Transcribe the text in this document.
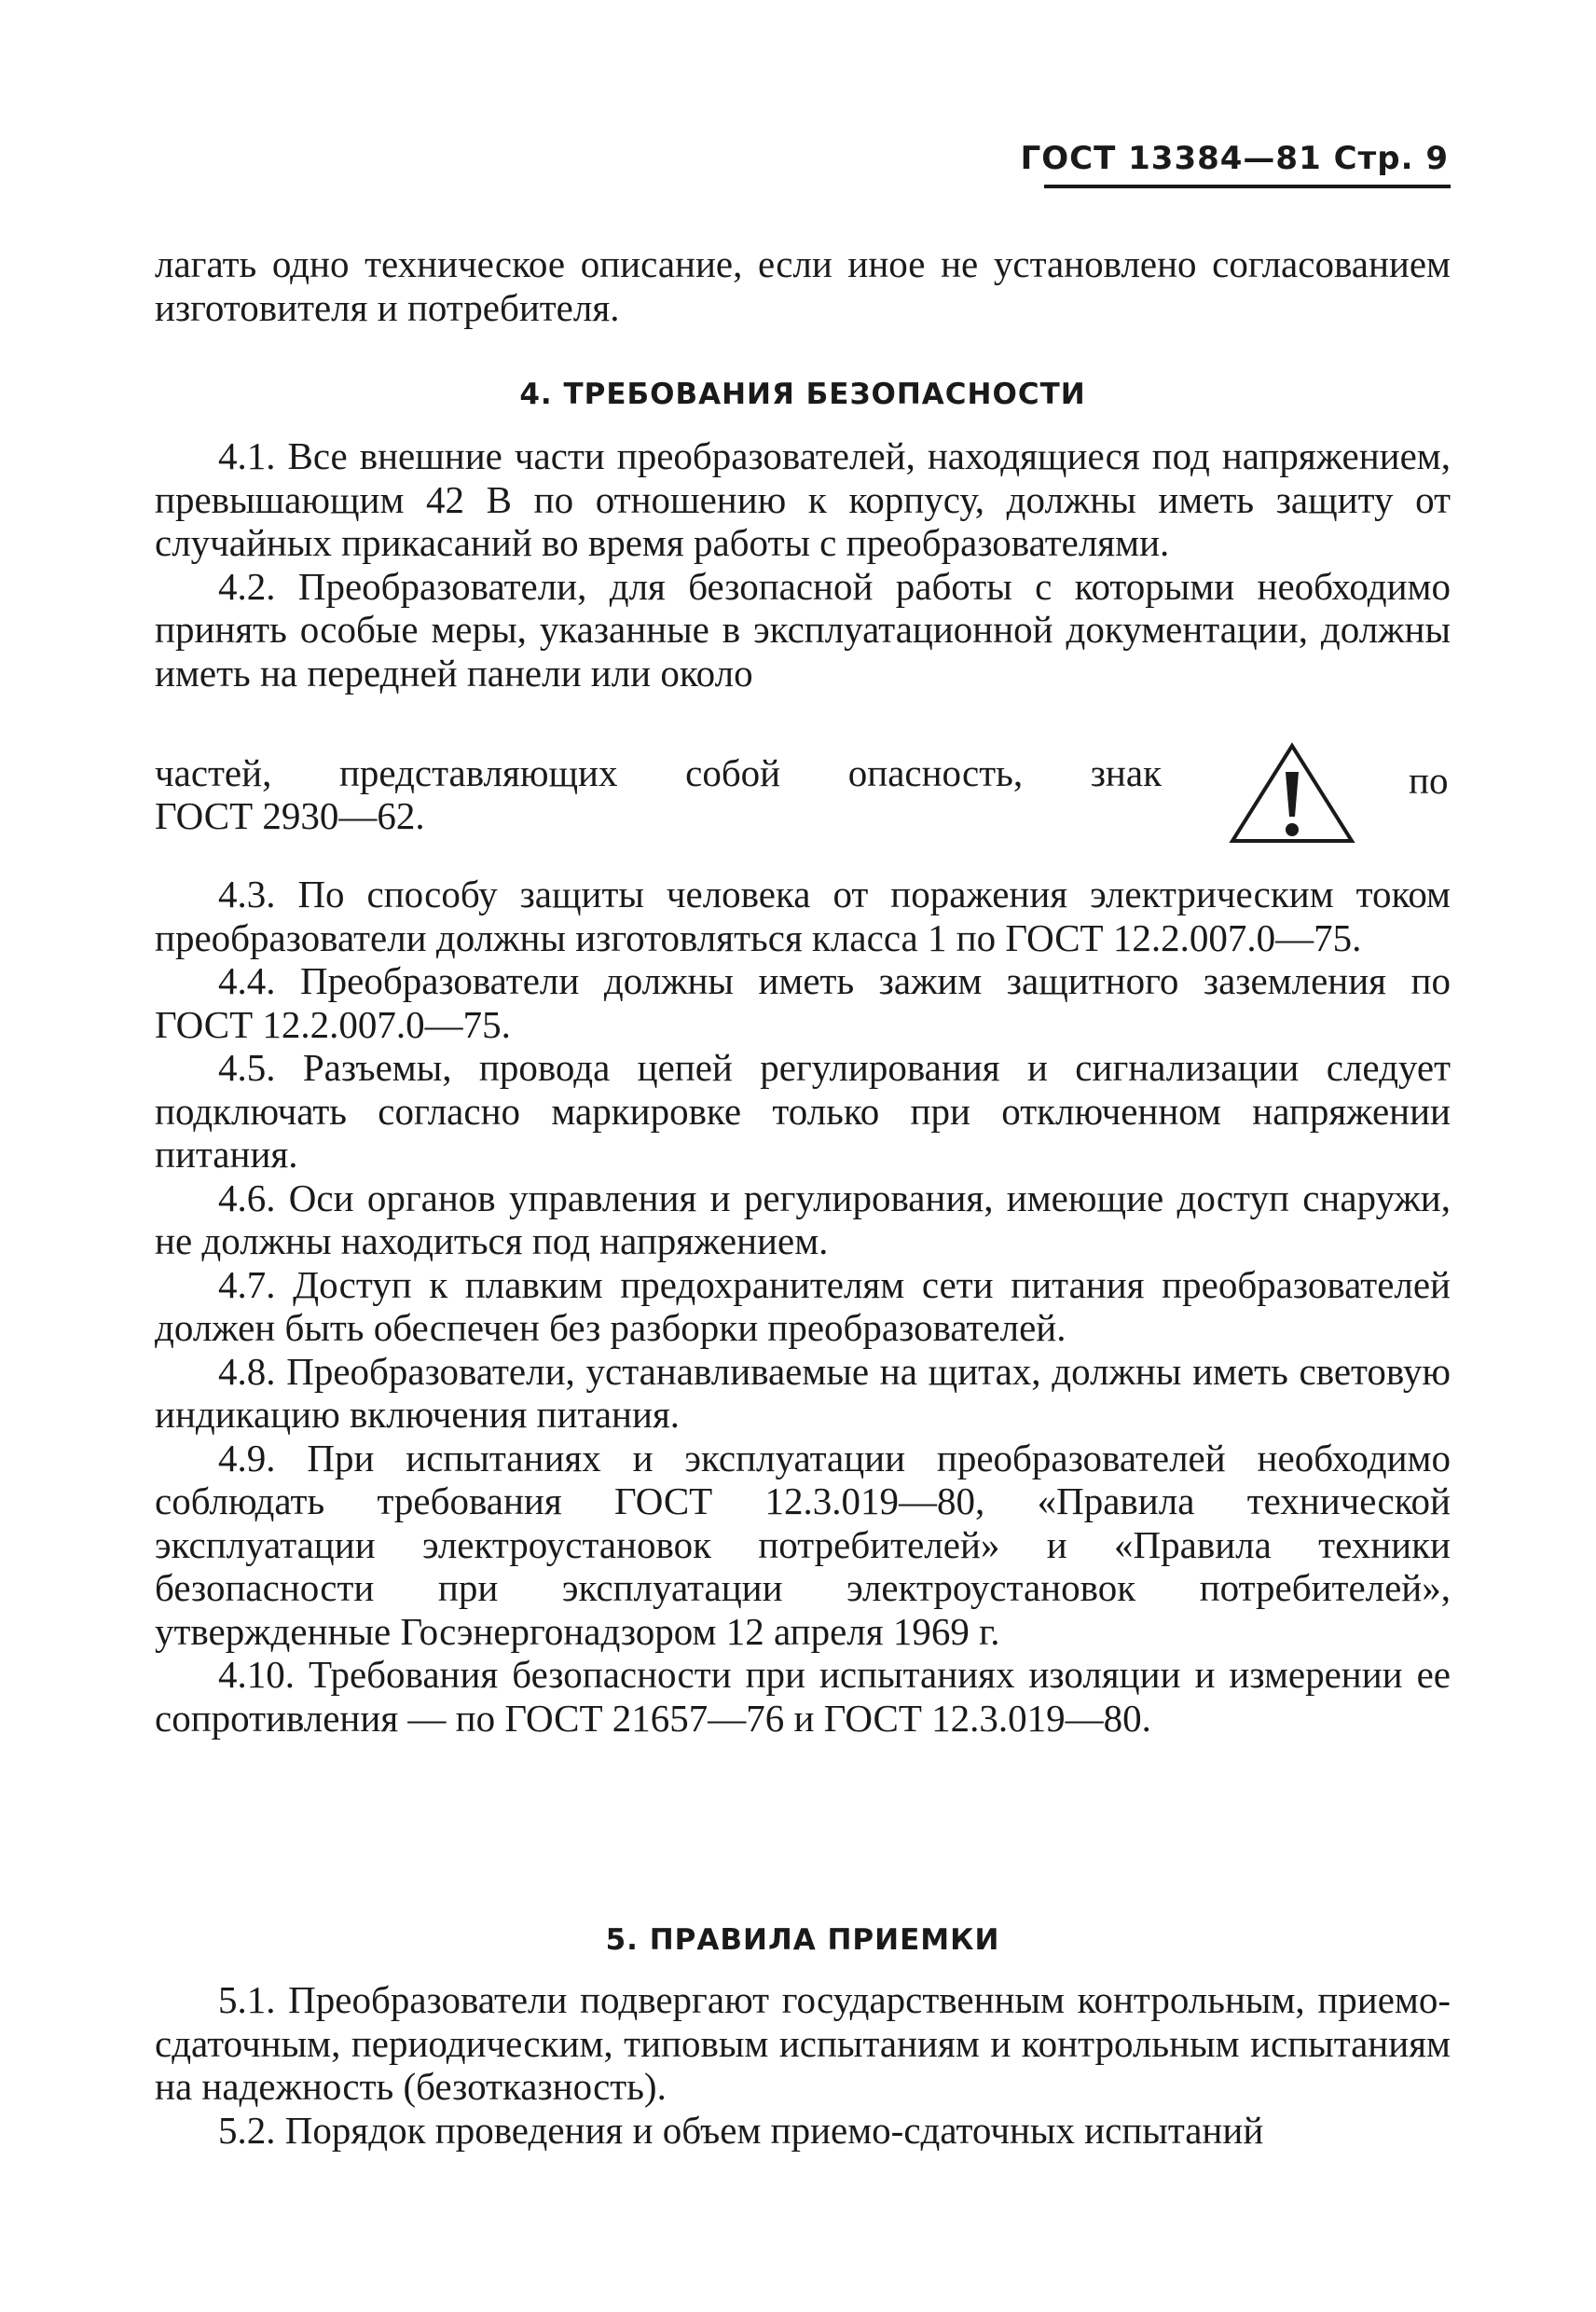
ГОСТ 13384—81 Стр. 9

лагать одно техническое описание, если иное не установлено согласованием изготовителя и потребителя.

4. ТРЕБОВАНИЯ БЕЗОПАСНОСТИ

4.1. Все внешние части преобразователей, находящиеся под напряжением, превышающим 42 В по отношению к корпусу, должны иметь защиту от случайных прикасаний во время работы с преобразователями.

4.2. Преобразователи, для безопасной работы с которыми необходимо принять особые меры, указанные в эксплуатационной документации, должны иметь на передней панели или около

частей, представляющих собой опасность, знак
ГОСТ 2930—62.
по

4.3. По способу защиты человека от поражения электрическим током преобразователи должны изготовляться класса 1 по ГОСТ 12.2.007.0—75.

4.4. Преобразователи должны иметь зажим защитного заземления по ГОСТ 12.2.007.0—75.

4.5. Разъемы, провода цепей регулирования и сигнализации следует подключать согласно маркировке только при отключенном напряжении питания.

4.6. Оси органов управления и регулирования, имеющие доступ снаружи, не должны находиться под напряжением.

4.7. Доступ к плавким предохранителям сети питания преобразователей должен быть обеспечен без разборки преобразователей.

4.8. Преобразователи, устанавливаемые на щитах, должны иметь световую индикацию включения питания.

4.9. При испытаниях и эксплуатации преобразователей необходимо соблюдать требования ГОСТ 12.3.019—80, «Правила технической эксплуатации электроустановок потребителей» и «Правила техники безопасности при эксплуатации электроустановок потребителей», утвержденные Госэнергонадзором 12 апреля 1969 г.

4.10. Требования безопасности при испытаниях изоляции и измерении ее сопротивления — по ГОСТ 21657—76 и ГОСТ 12.3.019—80.

5. ПРАВИЛА ПРИЕМКИ

5.1. Преобразователи подвергают государственным контрольным, приемо-сдаточным, периодическим, типовым испытаниям и контрольным испытаниям на надежность (безотказность).

5.2. Порядок проведения и объем приемо-сдаточных испытаний
